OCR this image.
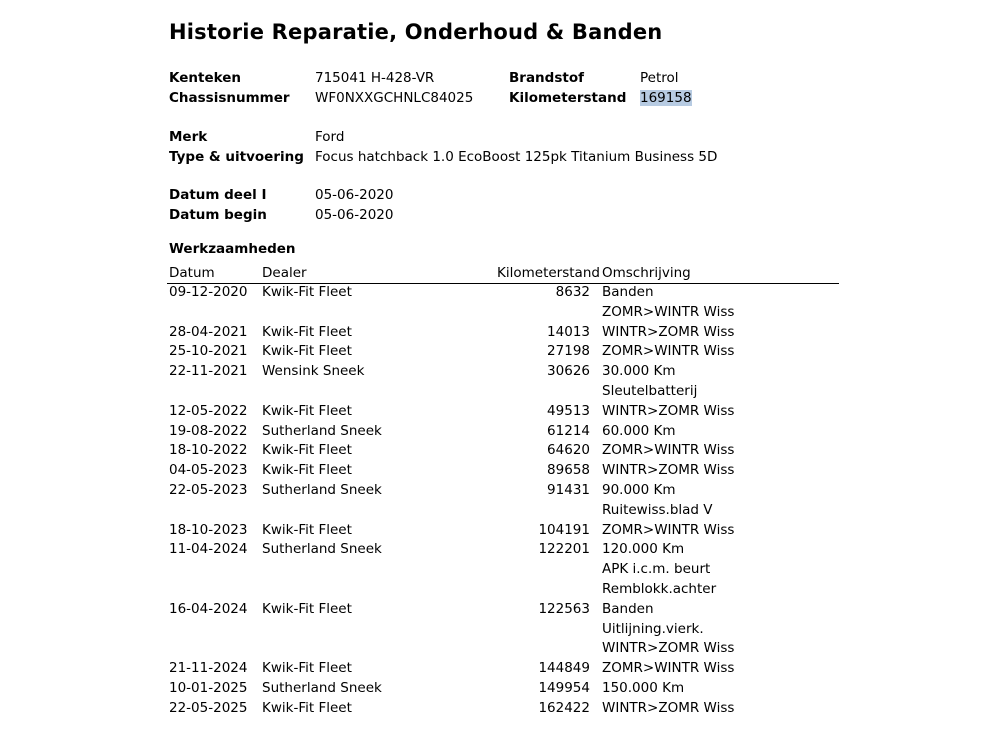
Historie Reparatie, Onderhoud & Banden
Kenteken	715041 H-428-VR	Brandstof	Petrol
Chassisnummer WF0NXXGCHNLC84025	Kilometerstand 169158
Merk	Ford
Type & uitvoering Focus hatchback 1.0 EcoBoost 125pk Titanium Business 5D
Datum deel I	05-06-2020
Datum begin	05-06-2020
Werkzaamheden
Datum	Dealer	Kilometerstand Omschrijving
09-12-2020 Kwik-Fit Fleet	8632 Banden
ZOMR>WINTR Wiss
28-04-2021 Kwik-Fit Fleet	14013 WINTR>ZOMR Wiss
25-10-2021 Kwik-Fit Fleet	27198 ZOMR>WINTR Wiss
22-11-2021 Wensink Sneek	30626 30.000 Km
Sleutelbatterij
12-05-2022 Kwik-Fit Fleet	49513 WINTR>ZOMR Wiss
19-08-2022 Sutherland Sneek	61214 60.000 Km
18-10-2022 Kwik-Fit Fleet	64620 ZOMR>WINTR Wiss
04-05-2023 Kwik-Fit Fleet	89658 WINTR>ZOMR Wiss
22-05-2023 Sutherland Sneek	91431 90.000 Km
Ruitewiss.blad V
18-10-2023 Kwik-Fit Fleet	104191 ZOMR>WINTR Wiss
11-04-2024 Sutherland Sneek	122201 120.000 Km
APK i.c.m. beurt
Remblokk.achter
16-04-2024 Kwik-Fit Fleet	122563 Banden
Uitlijning.vierk.
WINTR>ZOMR Wiss
21-11-2024 Kwik-Fit Fleet	144849 ZOMR>WINTR Wiss
10-01-2025 Sutherland Sneek	149954 150.000 Km
22-05-2025 Kwik-Fit Fleet	162422 WINTR>ZOMR Wiss
